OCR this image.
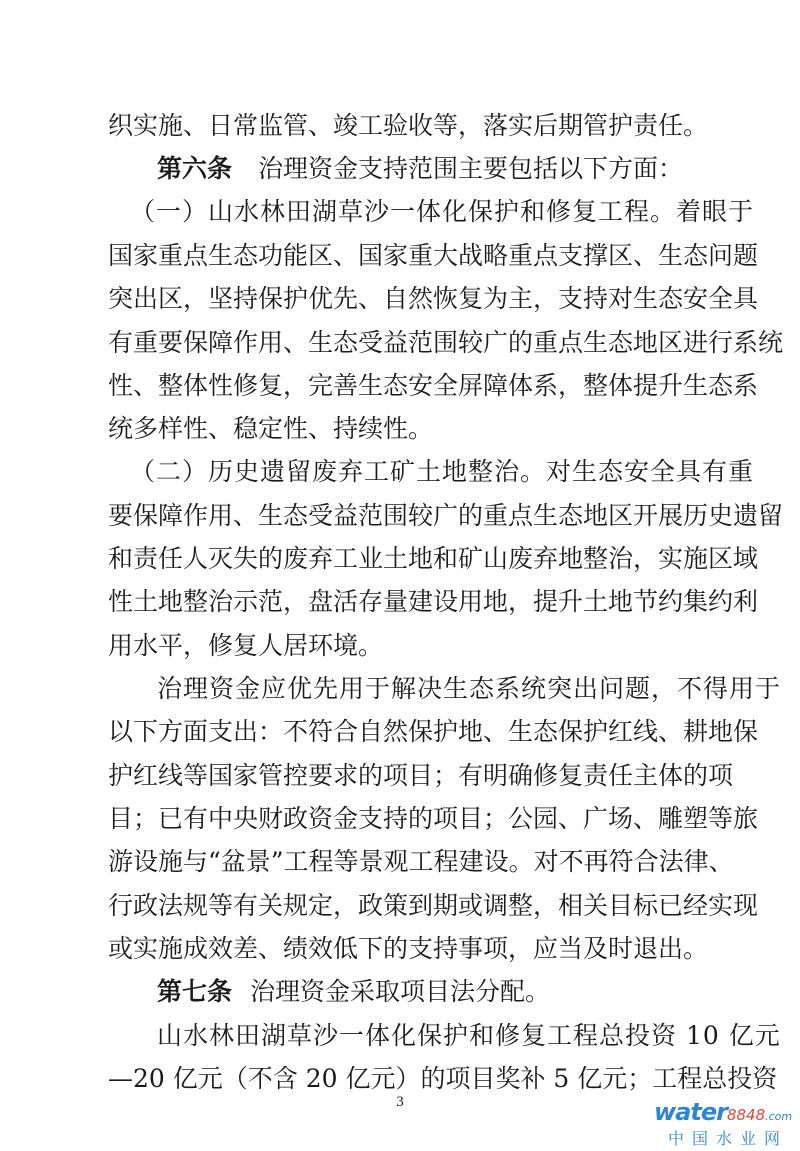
织实施、日常监管、竣工验收等，落实后期管护责任。
第六条 治理资金支持范围主要包括以下方面：
（一）山水林田湖草沙一体化保护和修复工程。着眼于
国家重点生态功能区、国家重大战略重点支撑区、生态问题
突出区，坚持保护优先、自然恢复为主，支持对生态安全具
有重要保障作用、生态受益范围较广的重点生态地区进行系统
性、整体性修复，完善生态安全屏障体系，整体提升生态系
统多样性、稳定性、持续性。
（二）历史遗留废弃工矿土地整治。对生态安全具有重
要保障作用、生态受益范围较广的重点生态地区开展历史遗留
和责任人灭失的废弃工业土地和矿山废弃地整治，实施区域
性土地整治示范，盘活存量建设用地，提升土地节约集约利
用水平，修复人居环境。
治理资金应优先用于解决生态系统突出问题，不得用于
以下方面支出：不符合自然保护地、生态保护红线、耕地保
护红线等国家管控要求的项目；有明确修复责任主体的项
目；已有中央财政资金支持的项目；公园、广场、雕塑等旅
游设施与“盆景”工程等景观工程建设。对不再符合法律、
行政法规等有关规定，政策到期或调整，相关目标已经实现
或实施成效差、绩效低下的支持事项，应当及时退出。
第七条 治理资金采取项目法分配。
山水林田湖草沙一体化保护和修复工程总投资 10 亿元
—20 亿元（不含 20 亿元）的项目奖补 5 亿元；工程总投资
3	water8848.com
中国水业网
